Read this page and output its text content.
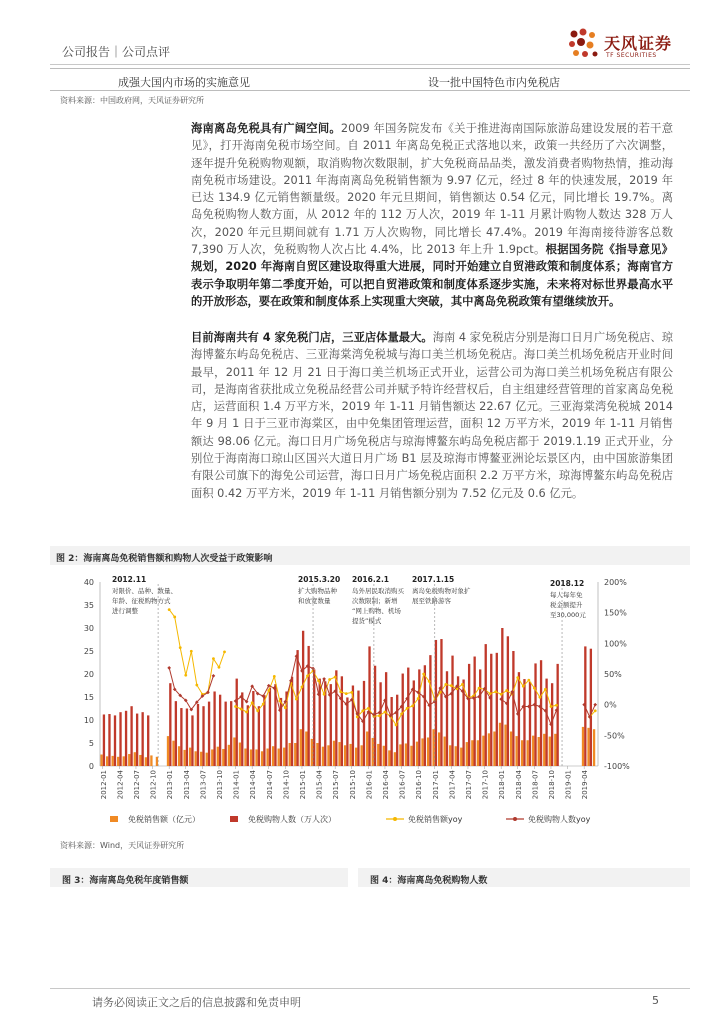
公司报告｜公司点评	天风证券
TF SECURITIES
成强大国内市场的实施意见	设一批中国特色市内免税店
资料来源：中国政府网，天风证券研究所
海南离岛免税具有广阔空间。2009 年国务院发布《关于推进海南国际旅游岛建设发展的若干意见》，打开海南免税市场空间。自 2011 年离岛免税正式落地以来，政策一共经历了六次调整，逐年提升免税购物观额，取消购物次数限制，扩大免税商品品类，激发消费者购物热情，推动海南免税市场建设。2011 年海南离岛免税销售额为 9.97 亿元，经过 8 年的快速发展，2019 年已达 134.9 亿元销售额量级。2020 年元旦期间，销售额达 0.54 亿元，同比增长 19.7%。离岛免税购物人数方面，从 2012 年的 112 万人次，2019 年 1-11 月累计购物人数达 328 万人次，2020 年元旦期间就有 1.71 万人次购物，同比增长 47.4%。2019 年海南接待游客总数 7,390 万人次，免税购物人次占比 4.4%，比 2013 年上升 1.9pct。根据国务院《指导意见》规划，2020 年海南自贸区建设取得重大进展，同时开始建立自贸港政策和制度体系；海南官方表示争取明年第二季度开始，可以把自贸港政策和制度体系逐步实施，未来将对标世界最高水平的开放形态，要在政策和制度体系上实现重大突破，其中离岛免税政策有望继续放开。
目前海南共有 4 家免税门店，三亚店体量最大。海南 4 家免税店分别是海口日月广场免税店、琼海博鳌东屿岛免税店、三亚海棠湾免税城与海口美兰机场免税店。海口美兰机场免税店开业时间最早，2011 年 12 月 21 日于海口美兰机场正式开业，运营公司为海口美兰机场免税店有限公司，是海南省获批成立免税品经营公司并赋予特许经营权后，自主组建经营管理的首家离岛免税店，运营面积 1.4 万平方米，2019 年 1-11 月销售额达 22.67 亿元。三亚海棠湾免税城 2014 年 9 月 1 日于三亚市海棠区，由中免集团管理运营，面积 12 万平方米，2019 年 1-11 月销售额达 98.06 亿元。海口日月广场免税店与琼海博鳌东屿岛免税店都于 2019.1.19 正式开业，分别位于海南海口琼山区国兴大道日月广场 B1 层及琼海市博鳌亚洲论坛景区内，由中国旅游集团有限公司旗下的海免公司运营，海口日月广场免税店面积 2.2 万平方米，琼海博鳌东屿岛免税店面积 0.42 万平方米，2019 年 1-11 月销售额分别为 7.52 亿元及 0.6 亿元。
图 2：海南离岛免税销售额和购物人次受益于政策影响
0
5
10
15
20
25
30
35
40
-100%
-50%
0%
50%
100%
150%
200%
2012-01 2012-04 2012-07 2012-10 2013-01 2013-04 2013-07 2013-10 2014-01 2014-04 2014-07 2014-10 2015-01 2015-04 2015-07 2015-10 2016-01 2016-04 2016-07 2016-10 2017-01 2017-04 2017-07 2017-10 2018-01 2018-04 2018-07 2018-10 2019-01 2019-04
2012.11
对限价、品种、数量、
年龄、征税购物方式
进行调整
2015.3.20
扩大购物品种
和放宽数量
2016.2.1
岛外居民取消购买
次数限制；新增
“网上购物、机场
提货”模式
2017.1.15
离岛免税购物对象扩
展至铁路游客
2018.12
每人每年免
税金额提升
至30,000元
免税销售额（亿元）	免税购物人数（万人次）	免税销售额yoy	免税购物人数yoy
资料来源：Wind，天风证券研究所
图 3：海南离岛免税年度销售额	图 4：海南离岛免税购物人数
请务必阅读正文之后的信息披露和免责申明	5
